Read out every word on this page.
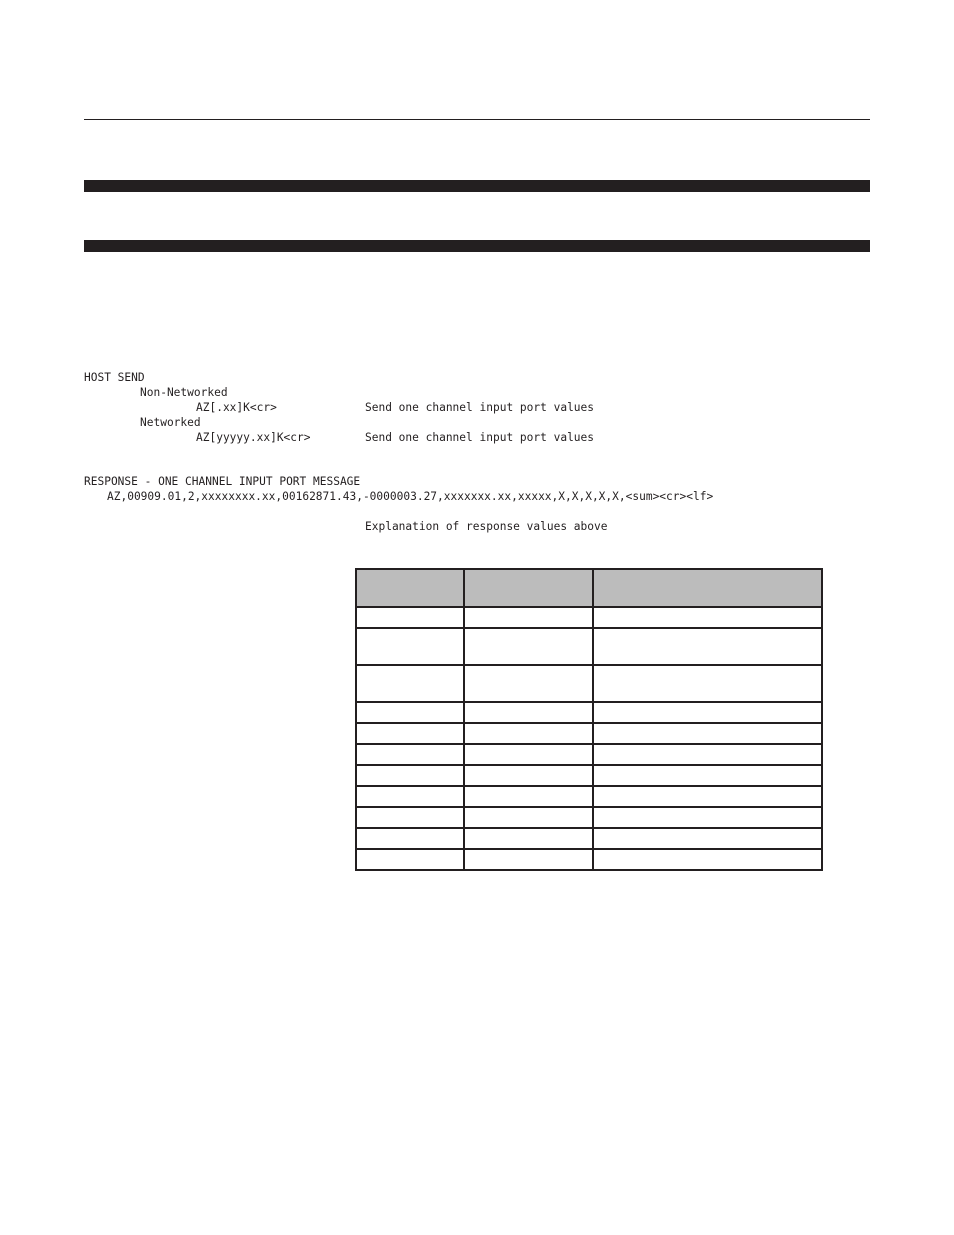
HOST SEND
Non-Networked
AZ[.xx]K<cr>	Send one channel input port values
Networked
AZ[yyyyy.xx]K<cr>	Send one channel input port values
RESPONSE - ONE CHANNEL INPUT PORT MESSAGE
AZ,00909.01,2,xxxxxxxx.xx,00162871.43,-0000003.27,xxxxxxx.xx,xxxxx,X,X,X,X,X,<sum><cr><lf>
Explanation of response values above
